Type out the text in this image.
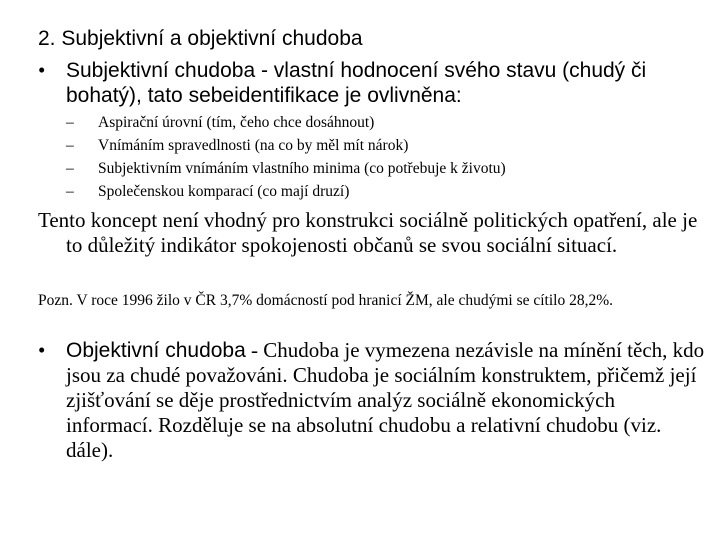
2. Subjektivní a objektivní chudoba
• Subjektivní chudoba - vlastní hodnocení svého stavu (chudý či bohatý), tato sebeidentifikace je ovlivněna:
– Aspirační úrovní (tím, čeho chce dosáhnout)
– Vnímáním spravedlnosti (na co by měl mít nárok)
– Subjektivním vnímáním vlastního minima (co potřebuje k životu)
– Společenskou komparací (co mají druzí)
Tento koncept není vhodný pro konstrukci sociálně politických opatření, ale je to důležitý indikátor spokojenosti občanů se svou sociální situací.
Pozn. V roce 1996 žilo v ČR 3,7% domácností pod hranicí ŽM, ale chudými se cítilo 28,2%.
• Objektivní chudoba - Chudoba je vymezena nezávisle na mínění těch, kdo jsou za chudé považováni. Chudoba je sociálním konstruktem, přičemž její zjišťování se děje prostřednictvím analýz sociálně ekonomických informací. Rozděluje se na absolutní chudobu a relativní chudobu (viz. dále).
